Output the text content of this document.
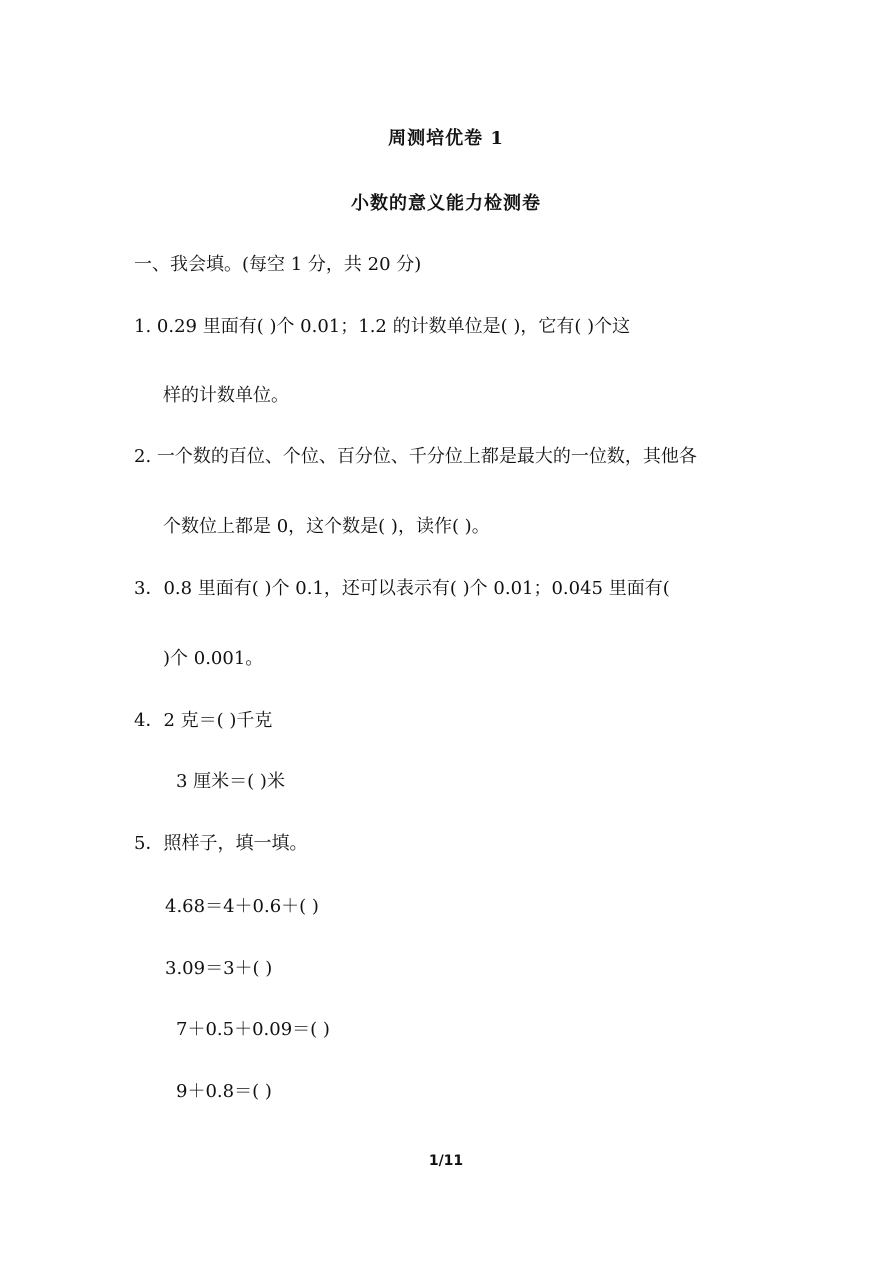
周测培优卷 1
小数的意义能力检测卷
一、我会填。(每空 1 分，共 20 分)
1. 0.29 里面有( )个 0.01；1.2 的计数单位是( )，它有( )个这
样的计数单位。
2. 一个数的百位、个位、百分位、千分位上都是最大的一位数，其他各
个数位上都是 0，这个数是( )，读作( )。
3．0.8 里面有( )个 0.1，还可以表示有( )个 0.01；0.045 里面有(
)个 0.001。
4．2 克＝( )千克
3 厘米＝( )米
5．照样子，填一填。
4.68＝4＋0.6＋( )
3.09＝3＋( )
7＋0.5＋0.09＝( )
9＋0.8＝( )
1/11
